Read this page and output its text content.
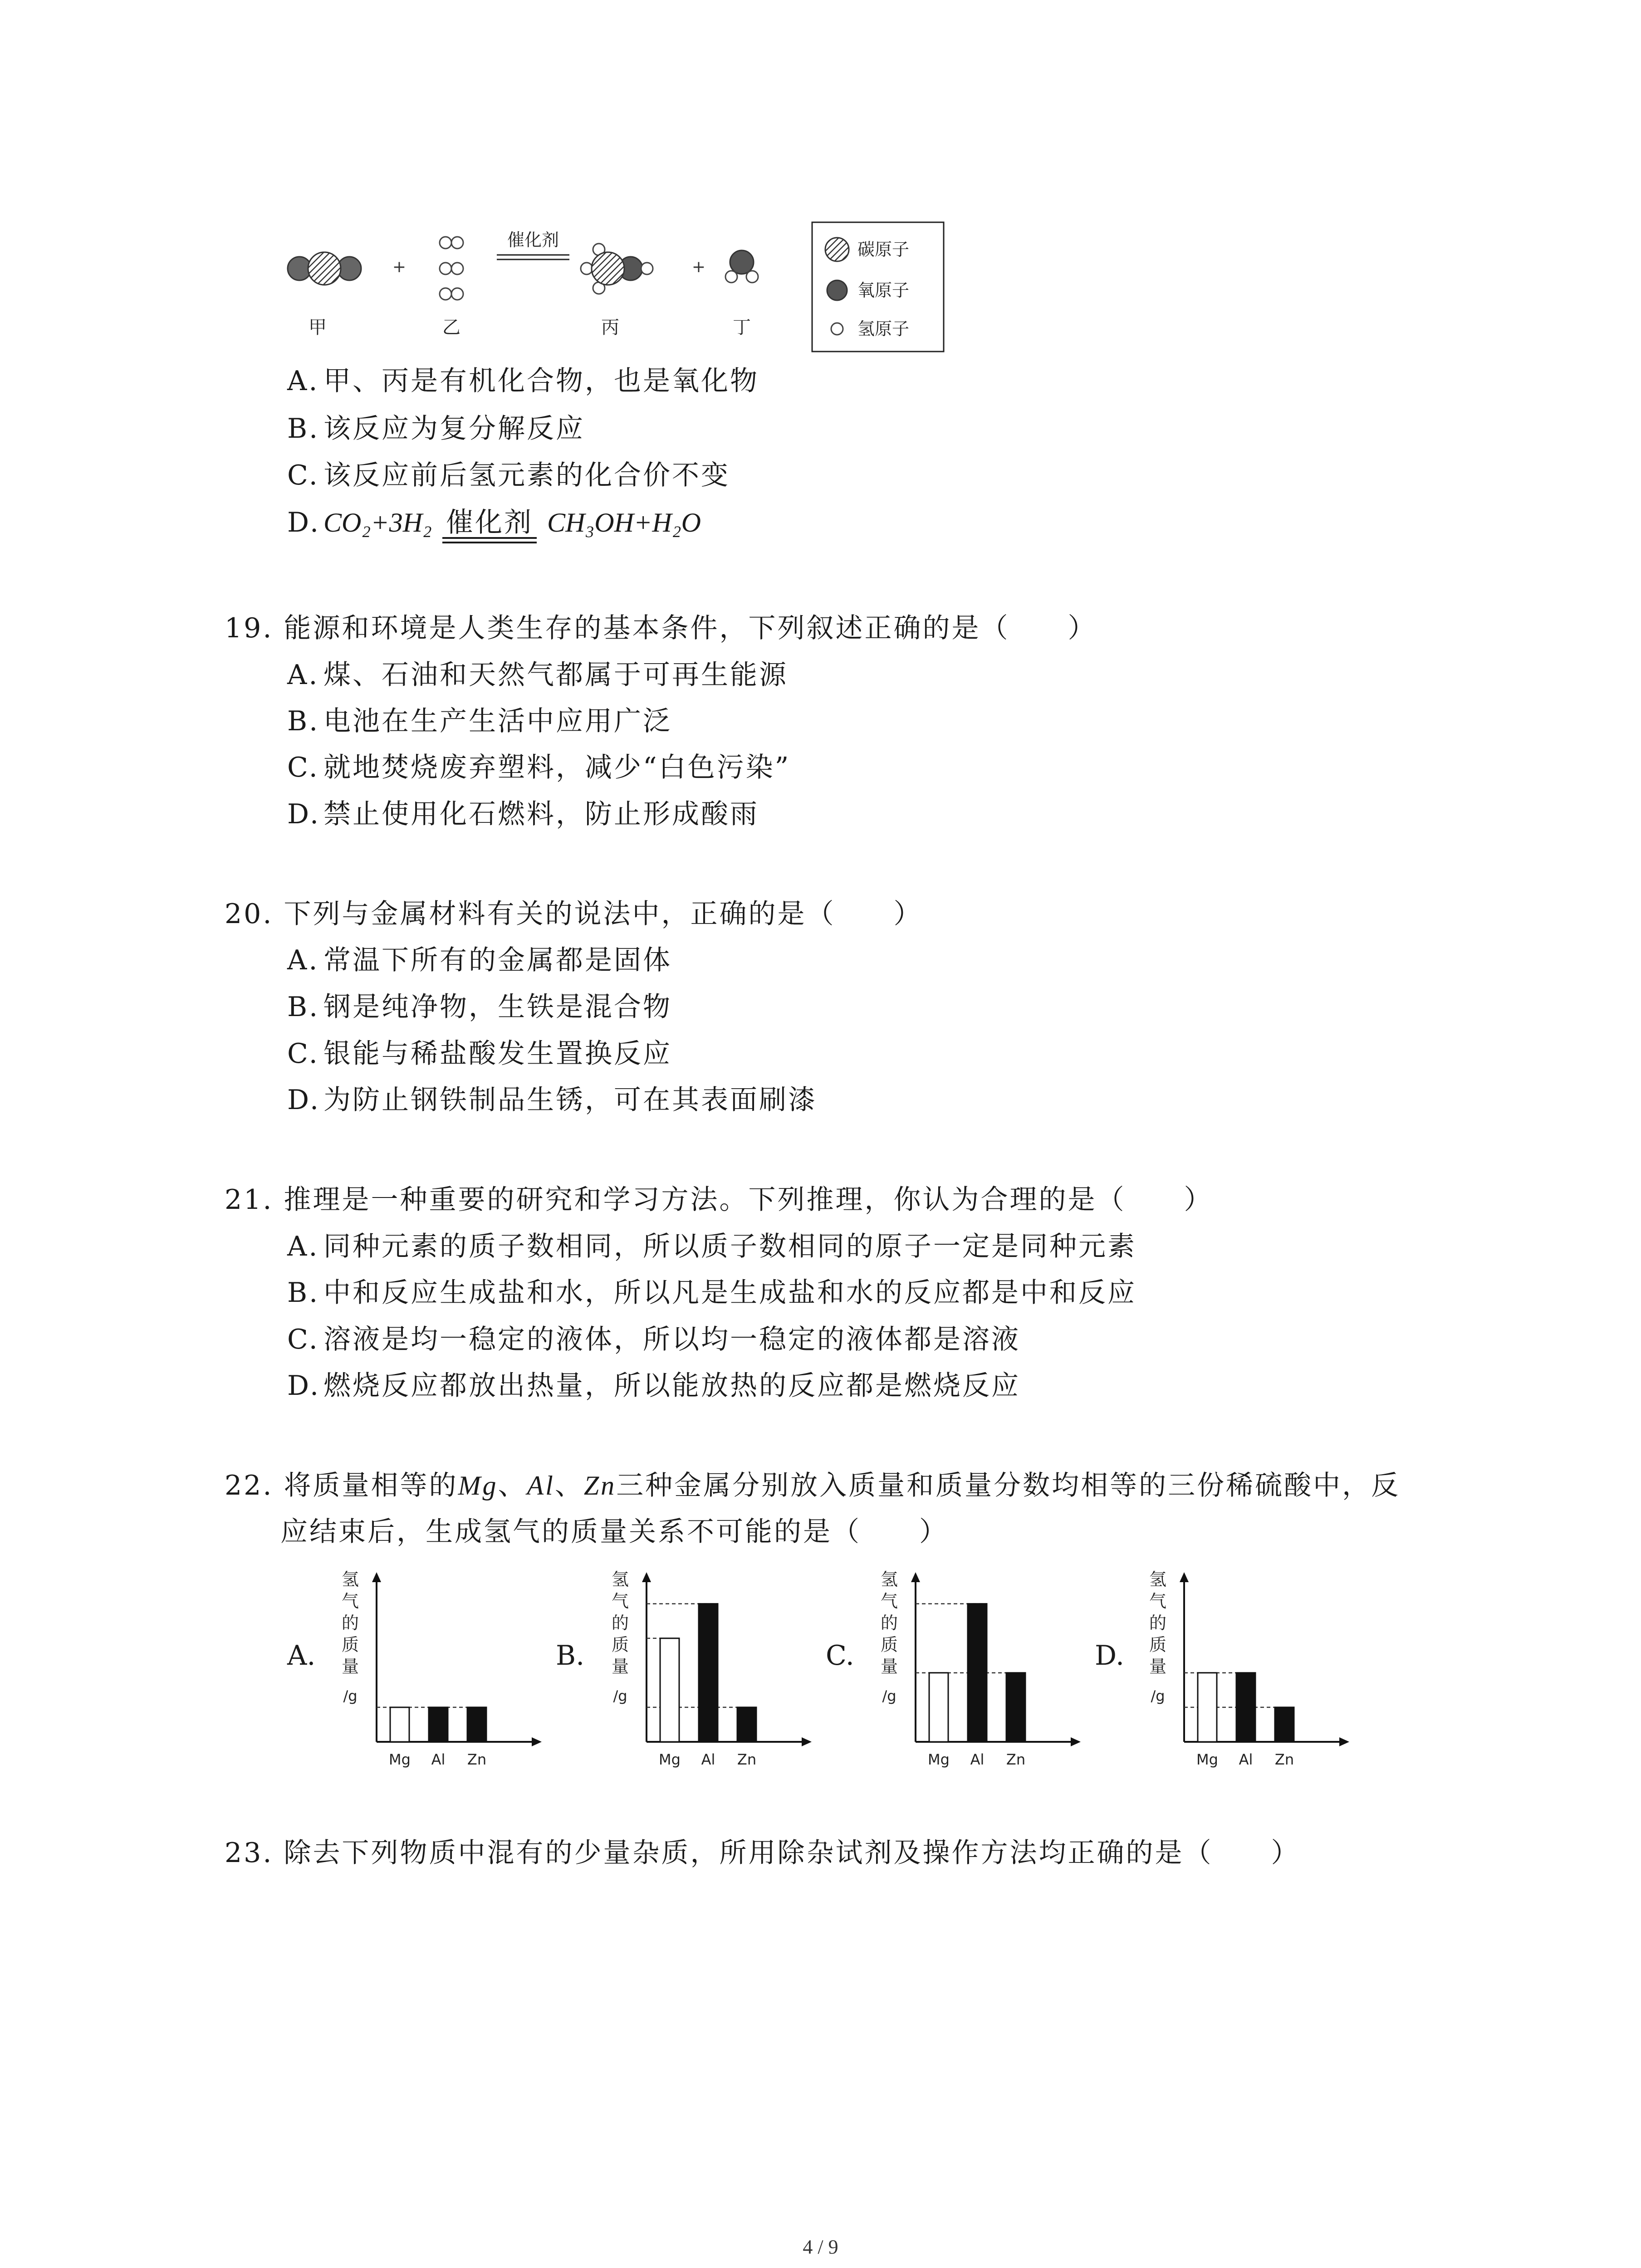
+
催化剂
+
甲	乙	丙	丁
碳原子
氧原子
氢原子
A. 甲、丙是有机化合物，也是氧化物
B. 该反应为复分解反应
C. 该反应前后氢元素的化合价不变
D. CO₂+3H₂ 催化剂 CH₃OH+H₂O
19. 能源和环境是人类生存的基本条件，下列叙述正确的是（　　）
A. 煤、石油和天然气都属于可再生能源
B. 电池在生产生活中应用广泛
C. 就地焚烧废弃塑料，减少“白色污染”
D. 禁止使用化石燃料，防止形成酸雨
20. 下列与金属材料有关的说法中，正确的是（　　）
A. 常温下所有的金属都是固体
B. 钢是纯净物，生铁是混合物
C. 银能与稀盐酸发生置换反应
D. 为防止钢铁制品生锈，可在其表面刷漆
21. 推理是一种重要的研究和学习方法。下列推理，你认为合理的是（　　）
A. 同种元素的质子数相同，所以质子数相同的原子一定是同种元素
B. 中和反应生成盐和水，所以凡是生成盐和水的反应都是中和反应
C. 溶液是均一稳定的液体，所以均一稳定的液体都是溶液
D. 燃烧反应都放出热量，所以能放热的反应都是燃烧反应
22. 将质量相等的Mg、Al、Zn三种金属分别放入质量和质量分数均相等的三份稀硫酸中，反
应结束后，生成氢气的质量关系不可能的是（　　）
A.	B.	C.	D.
氢
气
的
质
量
/g
Mg Al Zn
氢
气
的
质
量
/g
Mg Al Zn
氢
气
的
质
量
/g
Mg Al Zn
氢
气
的
质
量
/g
Mg Al Zn
23. 除去下列物质中混有的少量杂质，所用除杂试剂及操作方法均正确的是（　　）
4 / 9
